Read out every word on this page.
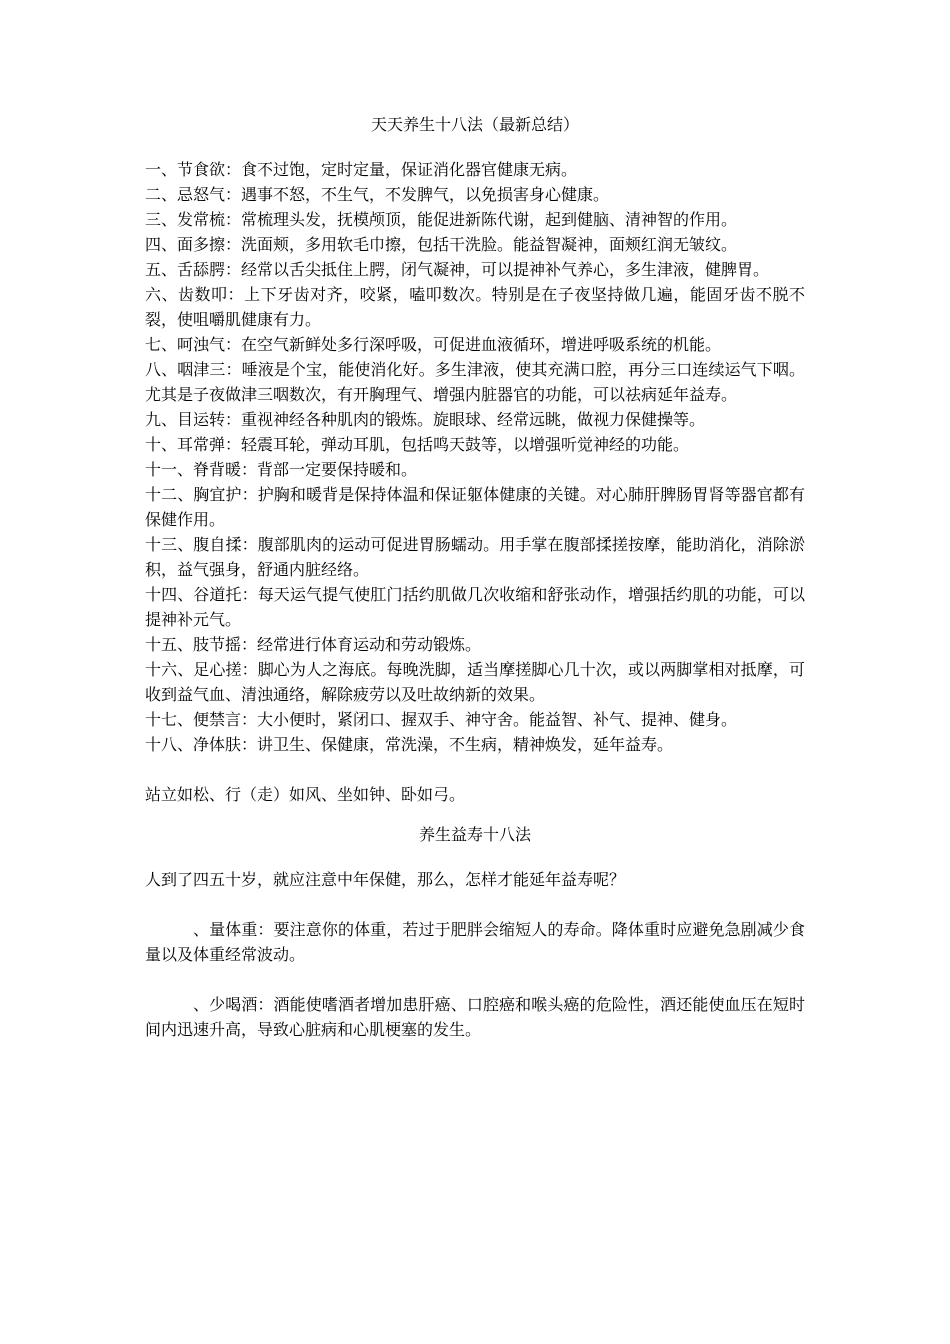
天天养生十八法（最新总结）
一、节食欲：食不过饱，定时定量，保证消化器官健康无病。
二、忌怒气：遇事不怒，不生气，不发脾气，以免损害身心健康。
三、发常梳：常梳理头发，抚模颅顶，能促进新陈代谢，起到健脑、清神智的作用。
四、面多擦：洗面颊，多用软毛巾擦，包括干洗脸。能益智凝神，面颊红润无皱纹。
五、舌舔腭：经常以舌尖抵住上腭，闭气凝神，可以提神补气养心，多生津液，健脾胃。
六、齿数叩：上下牙齿对齐，咬紧，嗑叩数次。特别是在子夜坚持做几遍，能固牙齿不脱不裂，使咀嚼肌健康有力。
七、呵浊气：在空气新鲜处多行深呼吸，可促进血液循环，增进呼吸系统的机能。
八、咽津三：唾液是个宝，能使消化好。多生津液，使其充满口腔，再分三口连续运气下咽。尤其是子夜做津三咽数次，有开胸理气、增强内脏器官的功能，可以祛病延年益寿。
九、目运转：重视神经各种肌肉的锻炼。旋眼球、经常远眺，做视力保健操等。
十、耳常弹：轻震耳轮，弹动耳肌，包括鸣天鼓等，以增强听觉神经的功能。
十一、脊背暖：背部一定要保持暖和。
十二、胸宜护：护胸和暖背是保持体温和保证躯体健康的关键。对心肺肝脾肠胃肾等器官都有保健作用。
十三、腹自揉：腹部肌肉的运动可促进胃肠蠕动。用手掌在腹部揉搓按摩，能助消化，消除淤积，益气强身，舒通内脏经络。
十四、谷道托：每天运气提气使肛门括约肌做几次收缩和舒张动作，增强括约肌的功能，可以提神补元气。
十五、肢节摇：经常进行体育运动和劳动锻炼。
十六、足心搓：脚心为人之海底。每晚洗脚，适当摩搓脚心几十次，或以两脚掌相对抵摩，可收到益气血、清浊通络，解除疲劳以及吐故纳新的效果。
十七、便禁言：大小便时，紧闭口、握双手、神守舍。能益智、补气、提神、健身。
十八、净体肤：讲卫生、保健康，常洗澡，不生病，精神焕发，延年益寿。

站立如松、行（走）如风、坐如钟、卧如弓。

养生益寿十八法

人到了四五十岁，就应注意中年保健，那么，怎样才能延年益寿呢？

、量体重：要注意你的体重，若过于肥胖会缩短人的寿命。降体重时应避免急剧减少食量以及体重经常波动。

、少喝酒：酒能使嗜酒者增加患肝癌、口腔癌和喉头癌的危险性，酒还能使血压在短时间内迅速升高，导致心脏病和心肌梗塞的发生。
